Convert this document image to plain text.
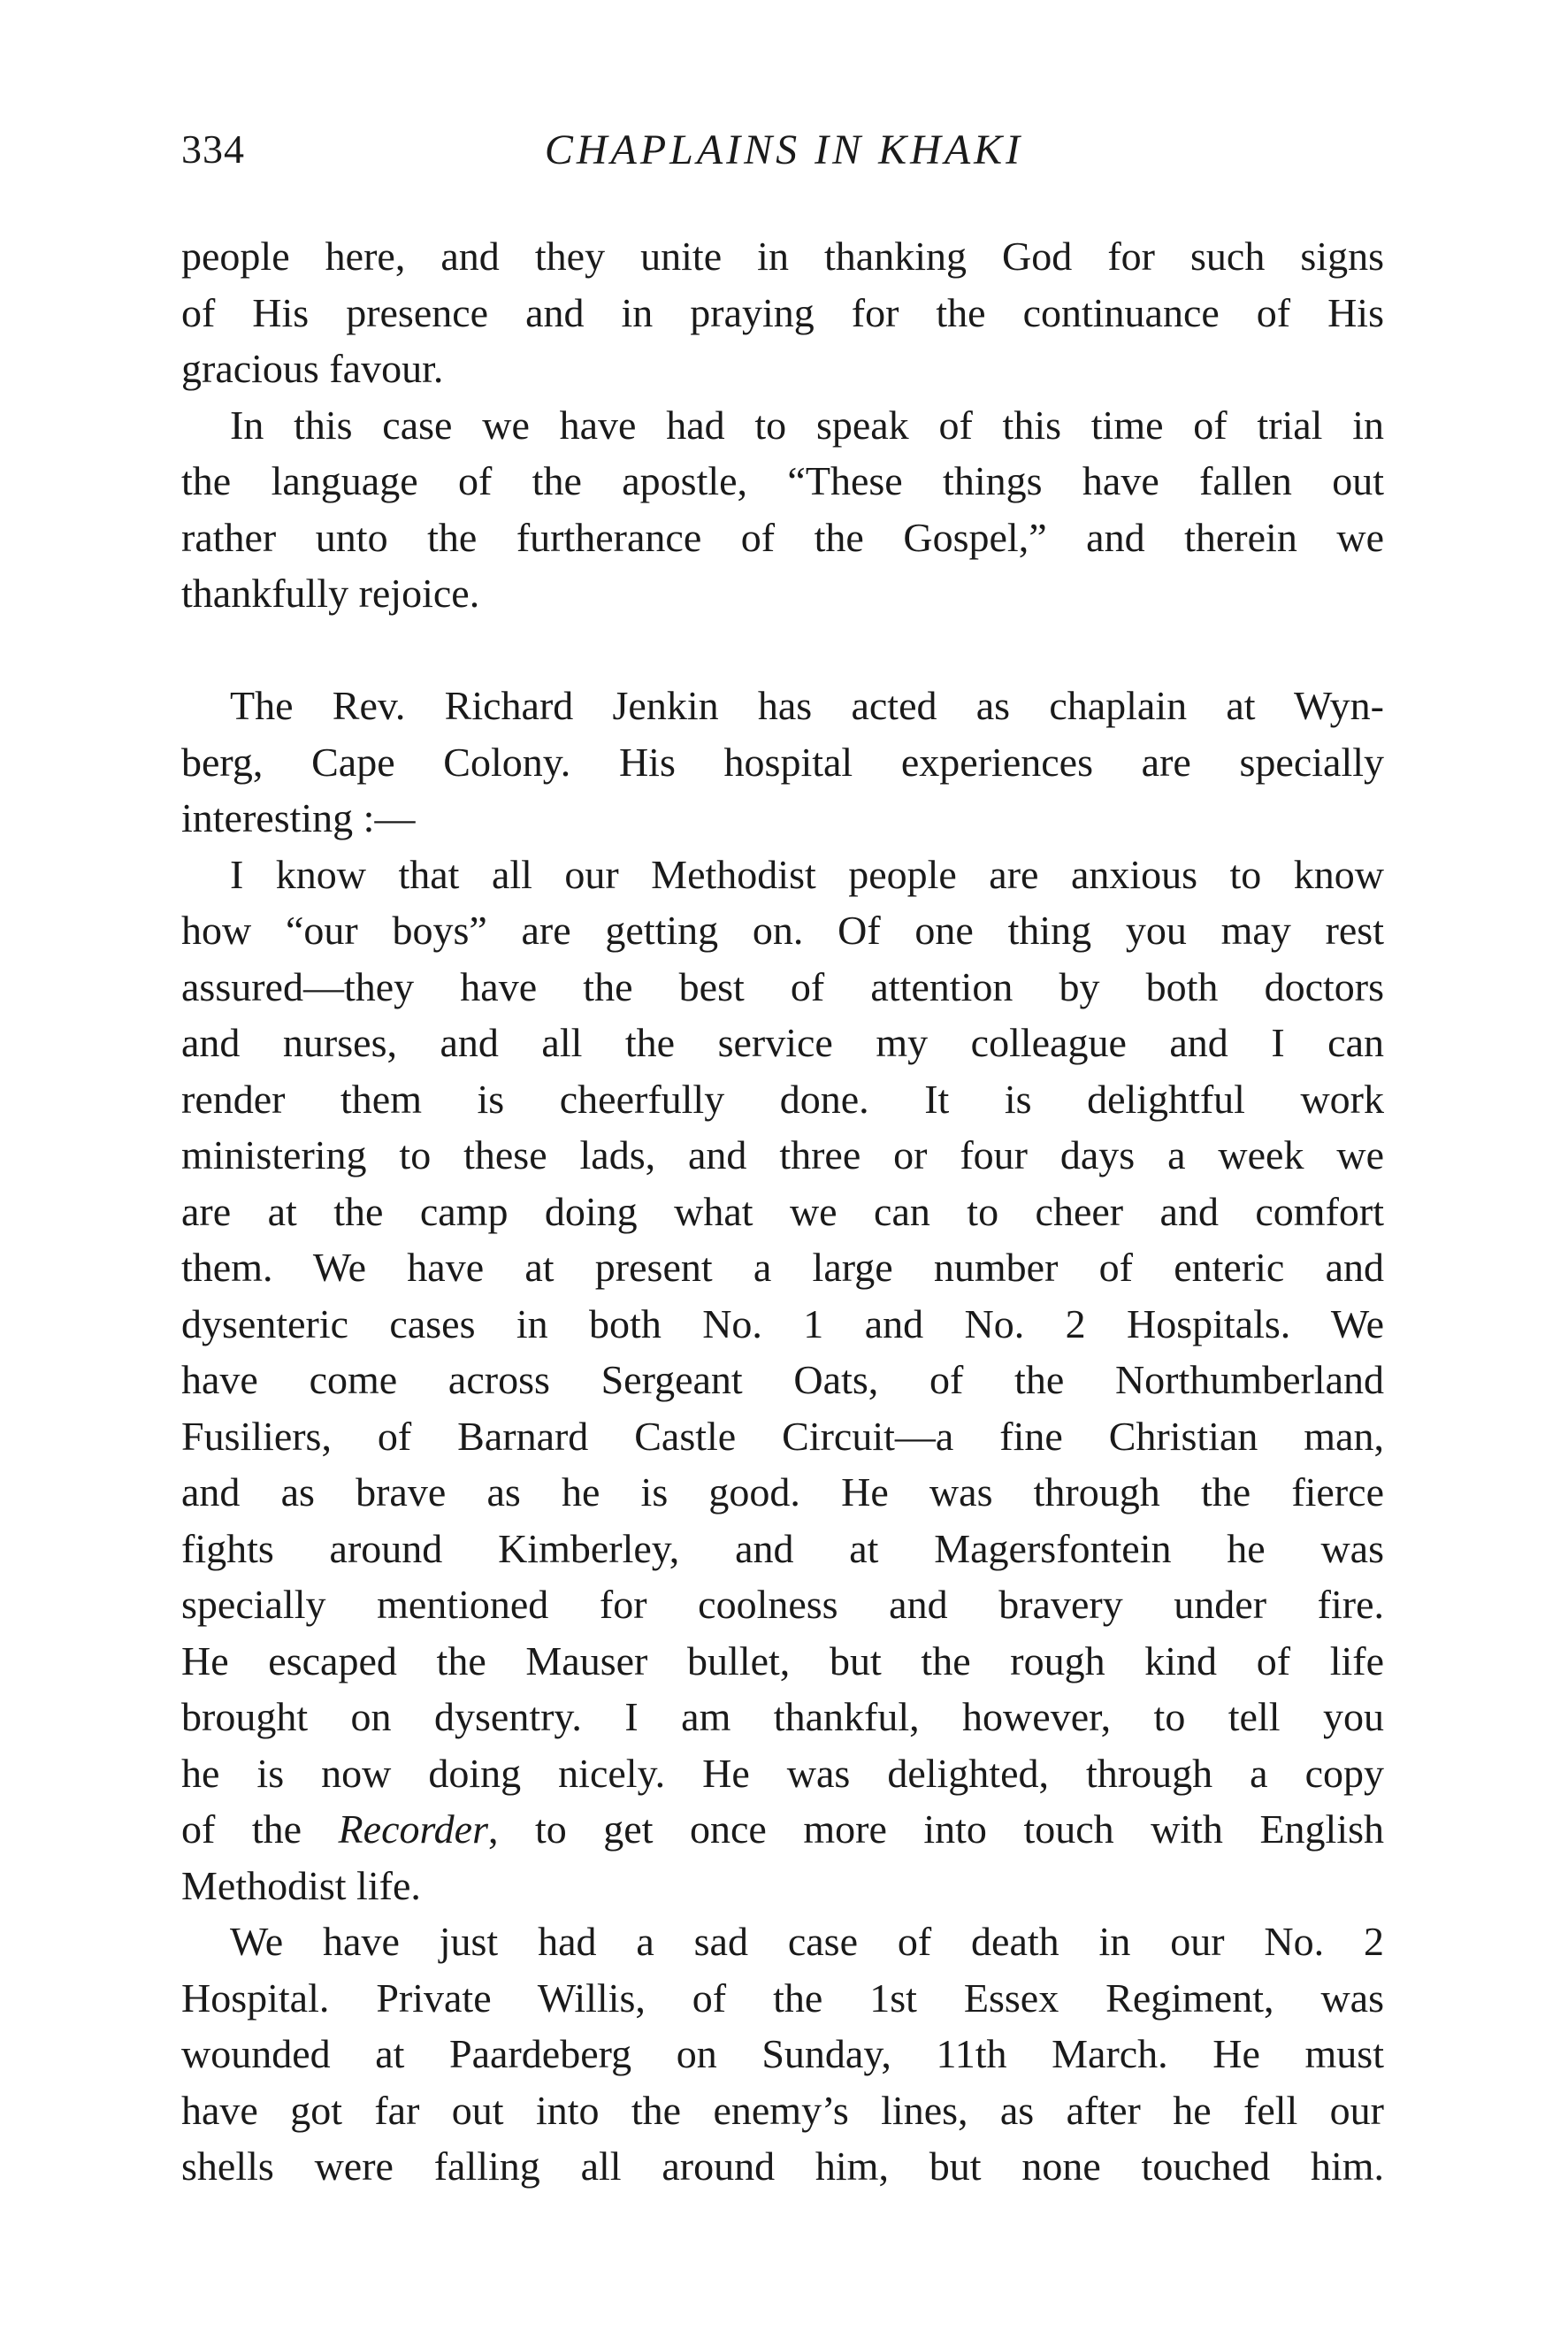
334	CHAPLAINS IN KHAKI
people here, and they unite in thanking God for such signs
of His presence and in praying for the continuance of His
gracious favour.
In this case we have had to speak of this time of trial in
the language of the apostle, “These things have fallen out
rather unto the furtherance of the Gospel,” and therein we
thankfully rejoice.
The Rev. Richard Jenkin has acted as chaplain at Wyn-
berg, Cape Colony. His hospital experiences are specially
interesting :—
I know that all our Methodist people are anxious to know
how “our boys” are getting on. Of one thing you may rest
assured—they have the best of attention by both doctors
and nurses, and all the service my colleague and I can
render them is cheerfully done. It is delightful work
ministering to these lads, and three or four days a week we
are at the camp doing what we can to cheer and comfort
them. We have at present a large number of enteric and
dysenteric cases in both No. 1 and No. 2 Hospitals. We
have come across Sergeant Oats, of the Northumberland
Fusiliers, of Barnard Castle Circuit—a fine Christian man,
and as brave as he is good. He was through the fierce
fights around Kimberley, and at Magersfontein he was
specially mentioned for coolness and bravery under fire.
He escaped the Mauser bullet, but the rough kind of life
brought on dysentry. I am thankful, however, to tell you
he is now doing nicely. He was delighted, through a copy
of the Recorder, to get once more into touch with English
Methodist life.
We have just had a sad case of death in our No. 2
Hospital. Private Willis, of the 1st Essex Regiment, was
wounded at Paardeberg on Sunday, 11th March. He must
have got far out into the enemy’s lines, as after he fell our
shells were falling all around him, but none touched him.
